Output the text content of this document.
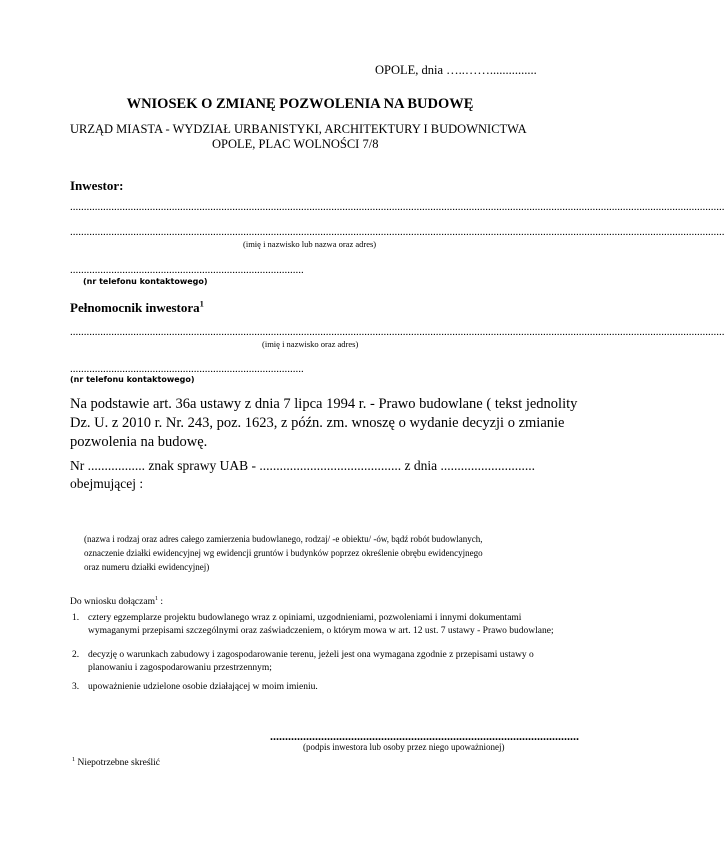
OPOLE, dnia …..……...............
WNIOSEK O ZMIANĘ POZWOLENIA NA BUDOWĘ
URZĄD MIASTA - WYDZIAŁ URBANISTYKI, ARCHITEKTURY I BUDOWNICTWA
OPOLE, PLAC WOLNOŚCI 7/8
Inwestor:
..............................................................................................................................................................................................................................................
..............................................................................................................................................................................................................................................
(imię i nazwisko lub nazwa oraz adres)
.....................................................................................
(nr telefonu kontaktowego)
Pełnomocnik inwestora$^1$
..............................................................................................................................................................................................................................................
(imię i nazwisko oraz adres)
.....................................................................................
(nr telefonu kontaktowego)
Na podstawie art. 36a ustawy z dnia 7 lipca 1994 r. - Prawo budowlane ( tekst jednolity
Dz. U. z 2010 r. Nr. 243, poz. 1623, z późn. zm. wnoszę o wydanie decyzji o zmianie
pozwolenia na budowę.
Nr ................. znak sprawy UAB - .......................................... z dnia ............................
obejmującej :
(nazwa i rodzaj oraz adres całego zamierzenia budowlanego, rodzaj/ -e obiektu/ -ów, bądź robót budowlanych,
oznaczenie działki ewidencyjnej wg ewidencji gruntów i budynków poprzez określenie obrębu ewidencyjnego
oraz numeru działki ewidencyjnej)
Do wniosku dołączam$^1$ :
1. cztery egzemplarze projektu budowlanego wraz z opiniami, uzgodnieniami, pozwoleniami i innymi dokumentami wymaganymi przepisami szczególnymi oraz zaświadczeniem, o którym mowa w art. 12 ust. 7 ustawy - Prawo budowlane;
2. decyzję o warunkach zabudowy i zagospodarowanie terenu, jeżeli jest ona wymagana zgodnie z przepisami ustawy o planowaniu i zagospodarowaniu przestrzennym;
3. upoważnienie udzielone osobie działającej w moim imieniu.
.......................................................................................................
(podpis inwestora lub osoby przez niego upoważnionej)
$^1$ Niepotrzebne skreślić
